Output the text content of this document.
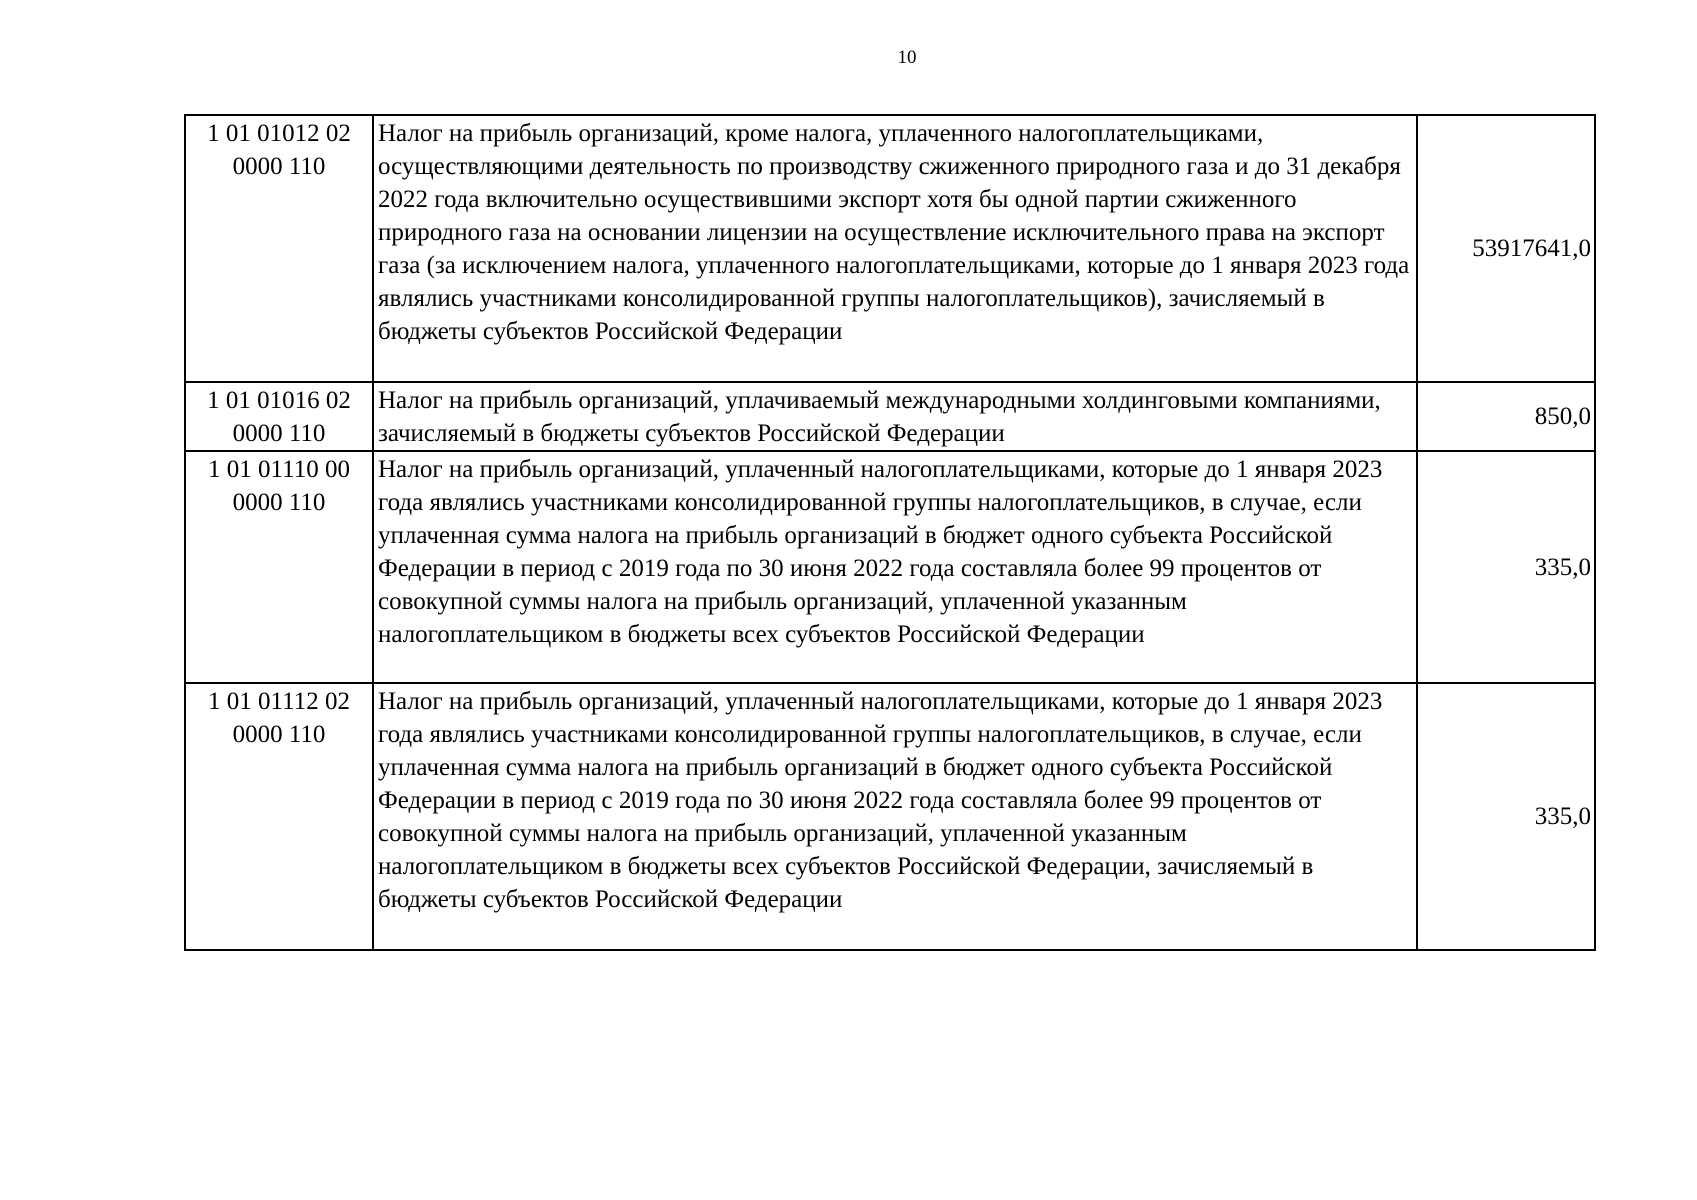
10
1 01 01012 02
0000 110	Налог на прибыль организаций, кроме налога, уплаченного налогоплательщиками, осуществляющими деятельность по производству сжиженного природного газа и до 31 декабря 2022 года включительно осуществившими экспорт хотя бы одной партии сжиженного природного газа на основании лицензии на осуществление исключительного права на экспорт газа (за исключением налога, уплаченного налогоплательщиками, которые до 1 января 2023 года являлись участниками консолидированной группы налогоплательщиков), зачисляемый в бюджеты субъектов Российской Федерации	53917641,0

1 01 01016 02
0000 110	Налог на прибыль организаций, уплачиваемый международными холдинговыми компаниями, зачисляемый в бюджеты субъектов Российской Федерации	850,0

1 01 01110 00
0000 110	Налог на прибыль организаций, уплаченный налогоплательщиками, которые до 1 января 2023 года являлись участниками консолидированной группы налогоплательщиков, в случае, если уплаченная сумма налога на прибыль организаций в бюджет одного субъекта Российской Федерации в период с 2019 года по 30 июня 2022 года составляла более 99 процентов от совокупной суммы налога на прибыль организаций, уплаченной указанным налогоплательщиком в бюджеты всех субъектов Российской Федерации	335,0

1 01 01112 02
0000 110	Налог на прибыль организаций, уплаченный налогоплательщиками, которые до 1 января 2023 года являлись участниками консолидированной группы налогоплательщиков, в случае, если уплаченная сумма налога на прибыль организаций в бюджет одного субъекта Российской Федерации в период с 2019 года по 30 июня 2022 года составляла более 99 процентов от совокупной суммы налога на прибыль организаций, уплаченной указанным налогоплательщиком в бюджеты всех субъектов Российской Федерации, зачисляемый в бюджеты субъектов Российской Федерации	335,0
